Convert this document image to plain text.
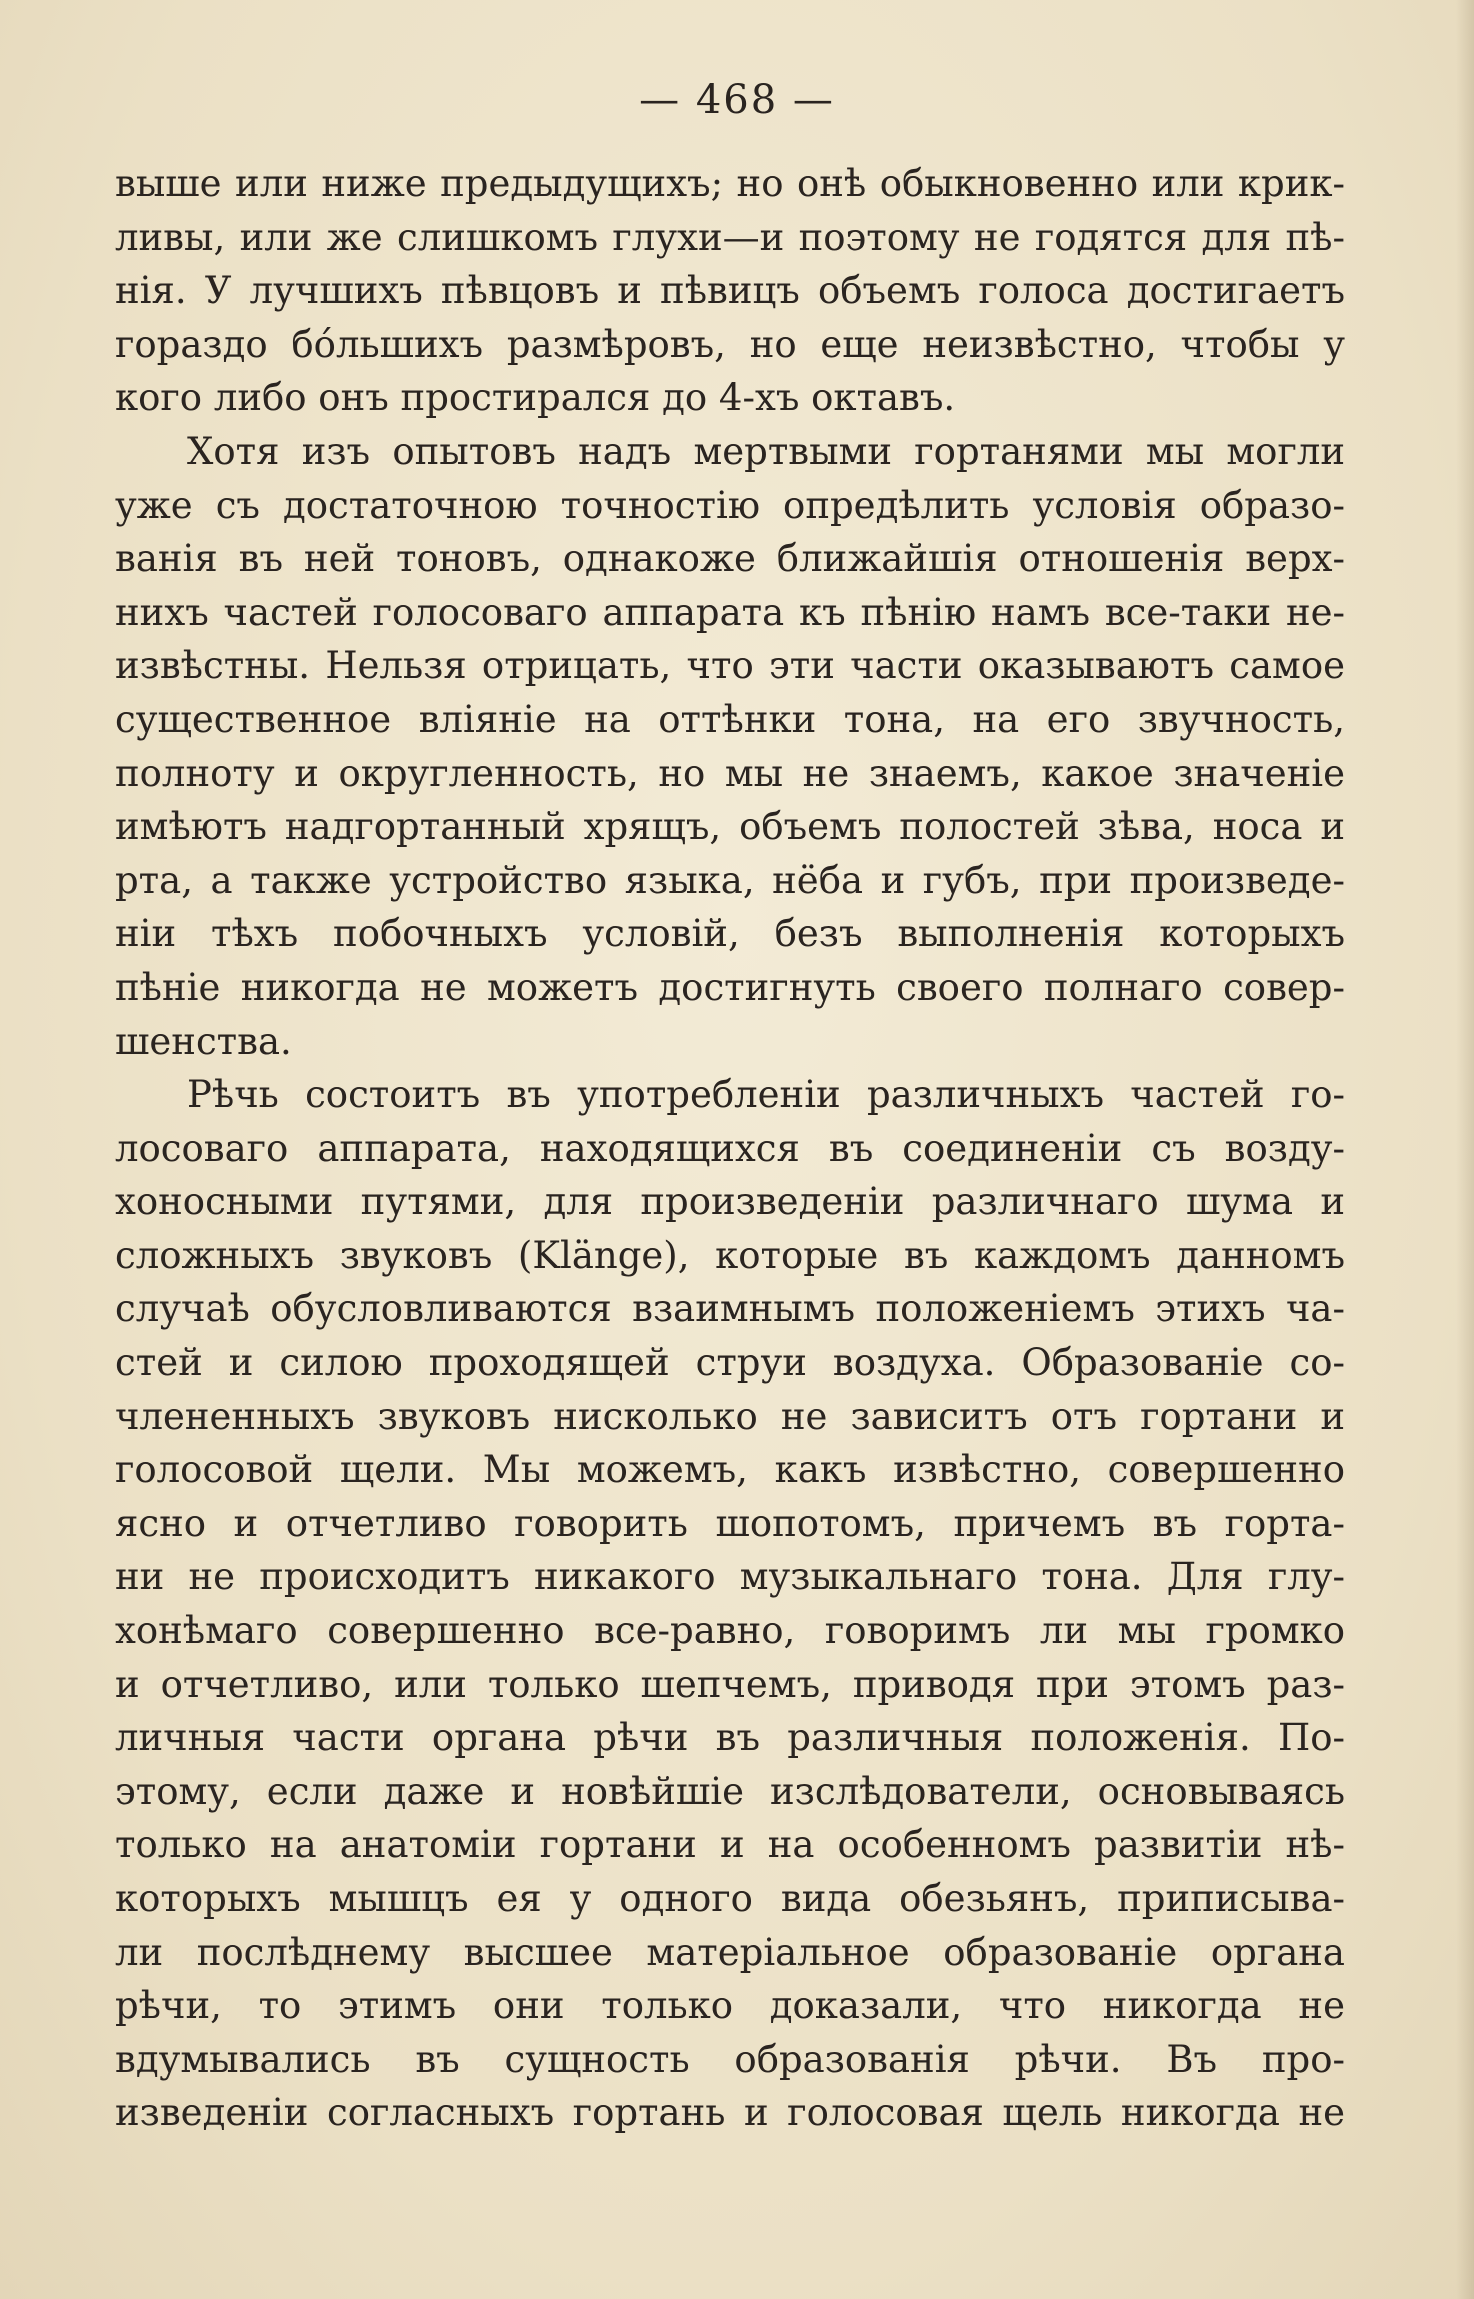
— 468 —
выше или ниже предыдущихъ; но онѣ обыкновенно или крик-
ливы, или же слишкомъ глухи—и поэтому не годятся для пѣ-
нія. У лучшихъ пѣвцовъ и пѣвицъ объемъ голоса достигаетъ
гораздо бо́льшихъ размѣровъ, но еще неизвѣстно, чтобы у
кого либо онъ простирался до 4-хъ октавъ.
Хотя изъ опытовъ надъ мертвыми гортанями мы могли
уже съ достаточною точностію опредѣлить условія образо-
ванія въ ней тоновъ, однакоже ближайшія отношенія верх-
нихъ частей голосоваго аппарата къ пѣнію намъ все-таки не-
извѣстны. Нельзя отрицать, что эти части оказываютъ самое
существенное вліяніе на оттѣнки тона, на его звучность,
полноту и округленность, но мы не знаемъ, какое значеніе
имѣютъ надгортанный хрящъ, объемъ полостей зѣва, носа и
рта, а также устройство языка, нёба и губъ, при произведе-
ніи тѣхъ побочныхъ условій, безъ выполненія которыхъ
пѣніе никогда не можетъ достигнуть своего полнаго совер-
шенства.
Рѣчь состоитъ въ употребленіи различныхъ частей го-
лосоваго аппарата, находящихся въ соединеніи съ возду-
хоносными путями, для произведеніи различнаго шума и
сложныхъ звуковъ (Klänge), которые въ каждомъ данномъ
случаѣ обусловливаются взаимнымъ положеніемъ этихъ ча-
стей и силою проходящей струи воздуха. Образованіе со-
члененныхъ звуковъ нисколько не зависитъ отъ гортани и
голосовой щели. Мы можемъ, какъ извѣстно, совершенно
ясно и отчетливо говорить шопотомъ, причемъ въ горта-
ни не происходитъ никакого музыкальнаго тона. Для глу-
хонѣмаго совершенно все-равно, говоримъ ли мы громко
и отчетливо, или только шепчемъ, приводя при этомъ раз-
личныя части органа рѣчи въ различныя положенія. По-
этому, если даже и новѣйшіе изслѣдователи, основываясь
только на анатоміи гортани и на особенномъ развитіи нѣ-
которыхъ мышцъ ея у одного вида обезьянъ, приписыва-
ли послѣднему высшее матеріальное образованіе органа
рѣчи, то этимъ они только доказали, что никогда не
вдумывались въ сущность образованія рѣчи. Въ про-
изведеніи согласныхъ гортань и голосовая щель никогда не
